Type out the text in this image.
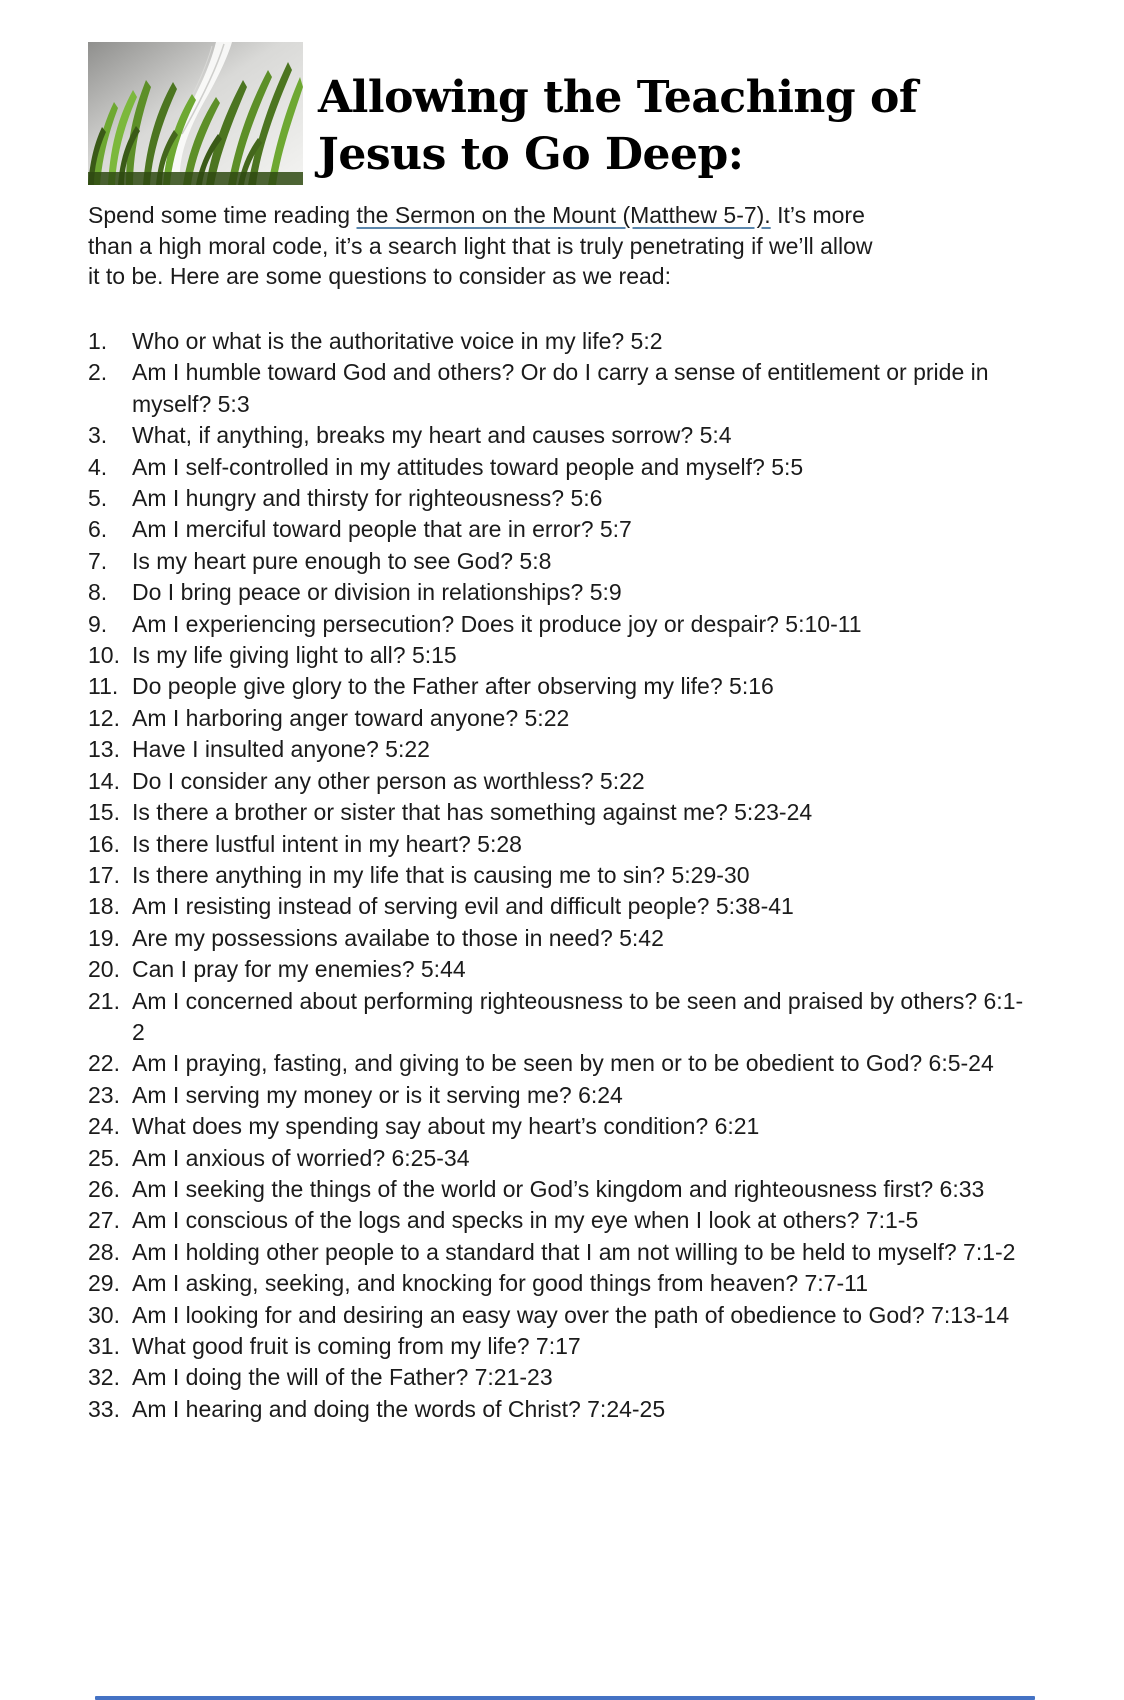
Allowing the Teaching of
Jesus to Go Deep:
Spend some time reading the Sermon on the Mount (Matthew 5-7). It’s more
than a high moral code, it’s a search light that is truly penetrating if we’ll allow
it to be. Here are some questions to consider as we read:
1.	Who or what is the authoritative voice in my life? 5:2
2.	Am I humble toward God and others? Or do I carry a sense of entitlement or pride in myself? 5:3
3.	What, if anything, breaks my heart and causes sorrow? 5:4
4.	Am I self-controlled in my attitudes toward people and myself? 5:5
5.	Am I hungry and thirsty for righteousness? 5:6
6.	Am I merciful toward people that are in error? 5:7
7.	Is my heart pure enough to see God? 5:8
8.	Do I bring peace or division in relationships? 5:9
9.	Am I experiencing persecution? Does it produce joy or despair? 5:10-11
10. Is my life giving light to all? 5:15
11. Do people give glory to the Father after observing my life? 5:16
12. Am I harboring anger toward anyone? 5:22
13. Have I insulted anyone? 5:22
14. Do I consider any other person as worthless? 5:22
15. Is there a brother or sister that has something against me? 5:23-24
16. Is there lustful intent in my heart? 5:28
17. Is there anything in my life that is causing me to sin? 5:29-30
18. Am I resisting instead of serving evil and difficult people? 5:38-41
19. Are my possessions availabe to those in need? 5:42
20. Can I pray for my enemies? 5:44
21. Am I concerned about performing righteousness to be seen and praised by others? 6:1-2
22. Am I praying, fasting, and giving to be seen by men or to be obedient to God? 6:5-24
23. Am I serving my money or is it serving me? 6:24
24. What does my spending say about my heart’s condition? 6:21
25. Am I anxious of worried? 6:25-34
26. Am I seeking the things of the world or God’s kingdom and righteousness first? 6:33
27. Am I conscious of the logs and specks in my eye when I look at others? 7:1-5
28. Am I holding other people to a standard that I am not willing to be held to myself? 7:1-2
29. Am I asking, seeking, and knocking for good things from heaven? 7:7-11
30. Am I looking for and desiring an easy way over the path of obedience to God? 7:13-14
31. What good fruit is coming from my life? 7:17
32. Am I doing the will of the Father? 7:21-23
33. Am I hearing and doing the words of Christ? 7:24-25
